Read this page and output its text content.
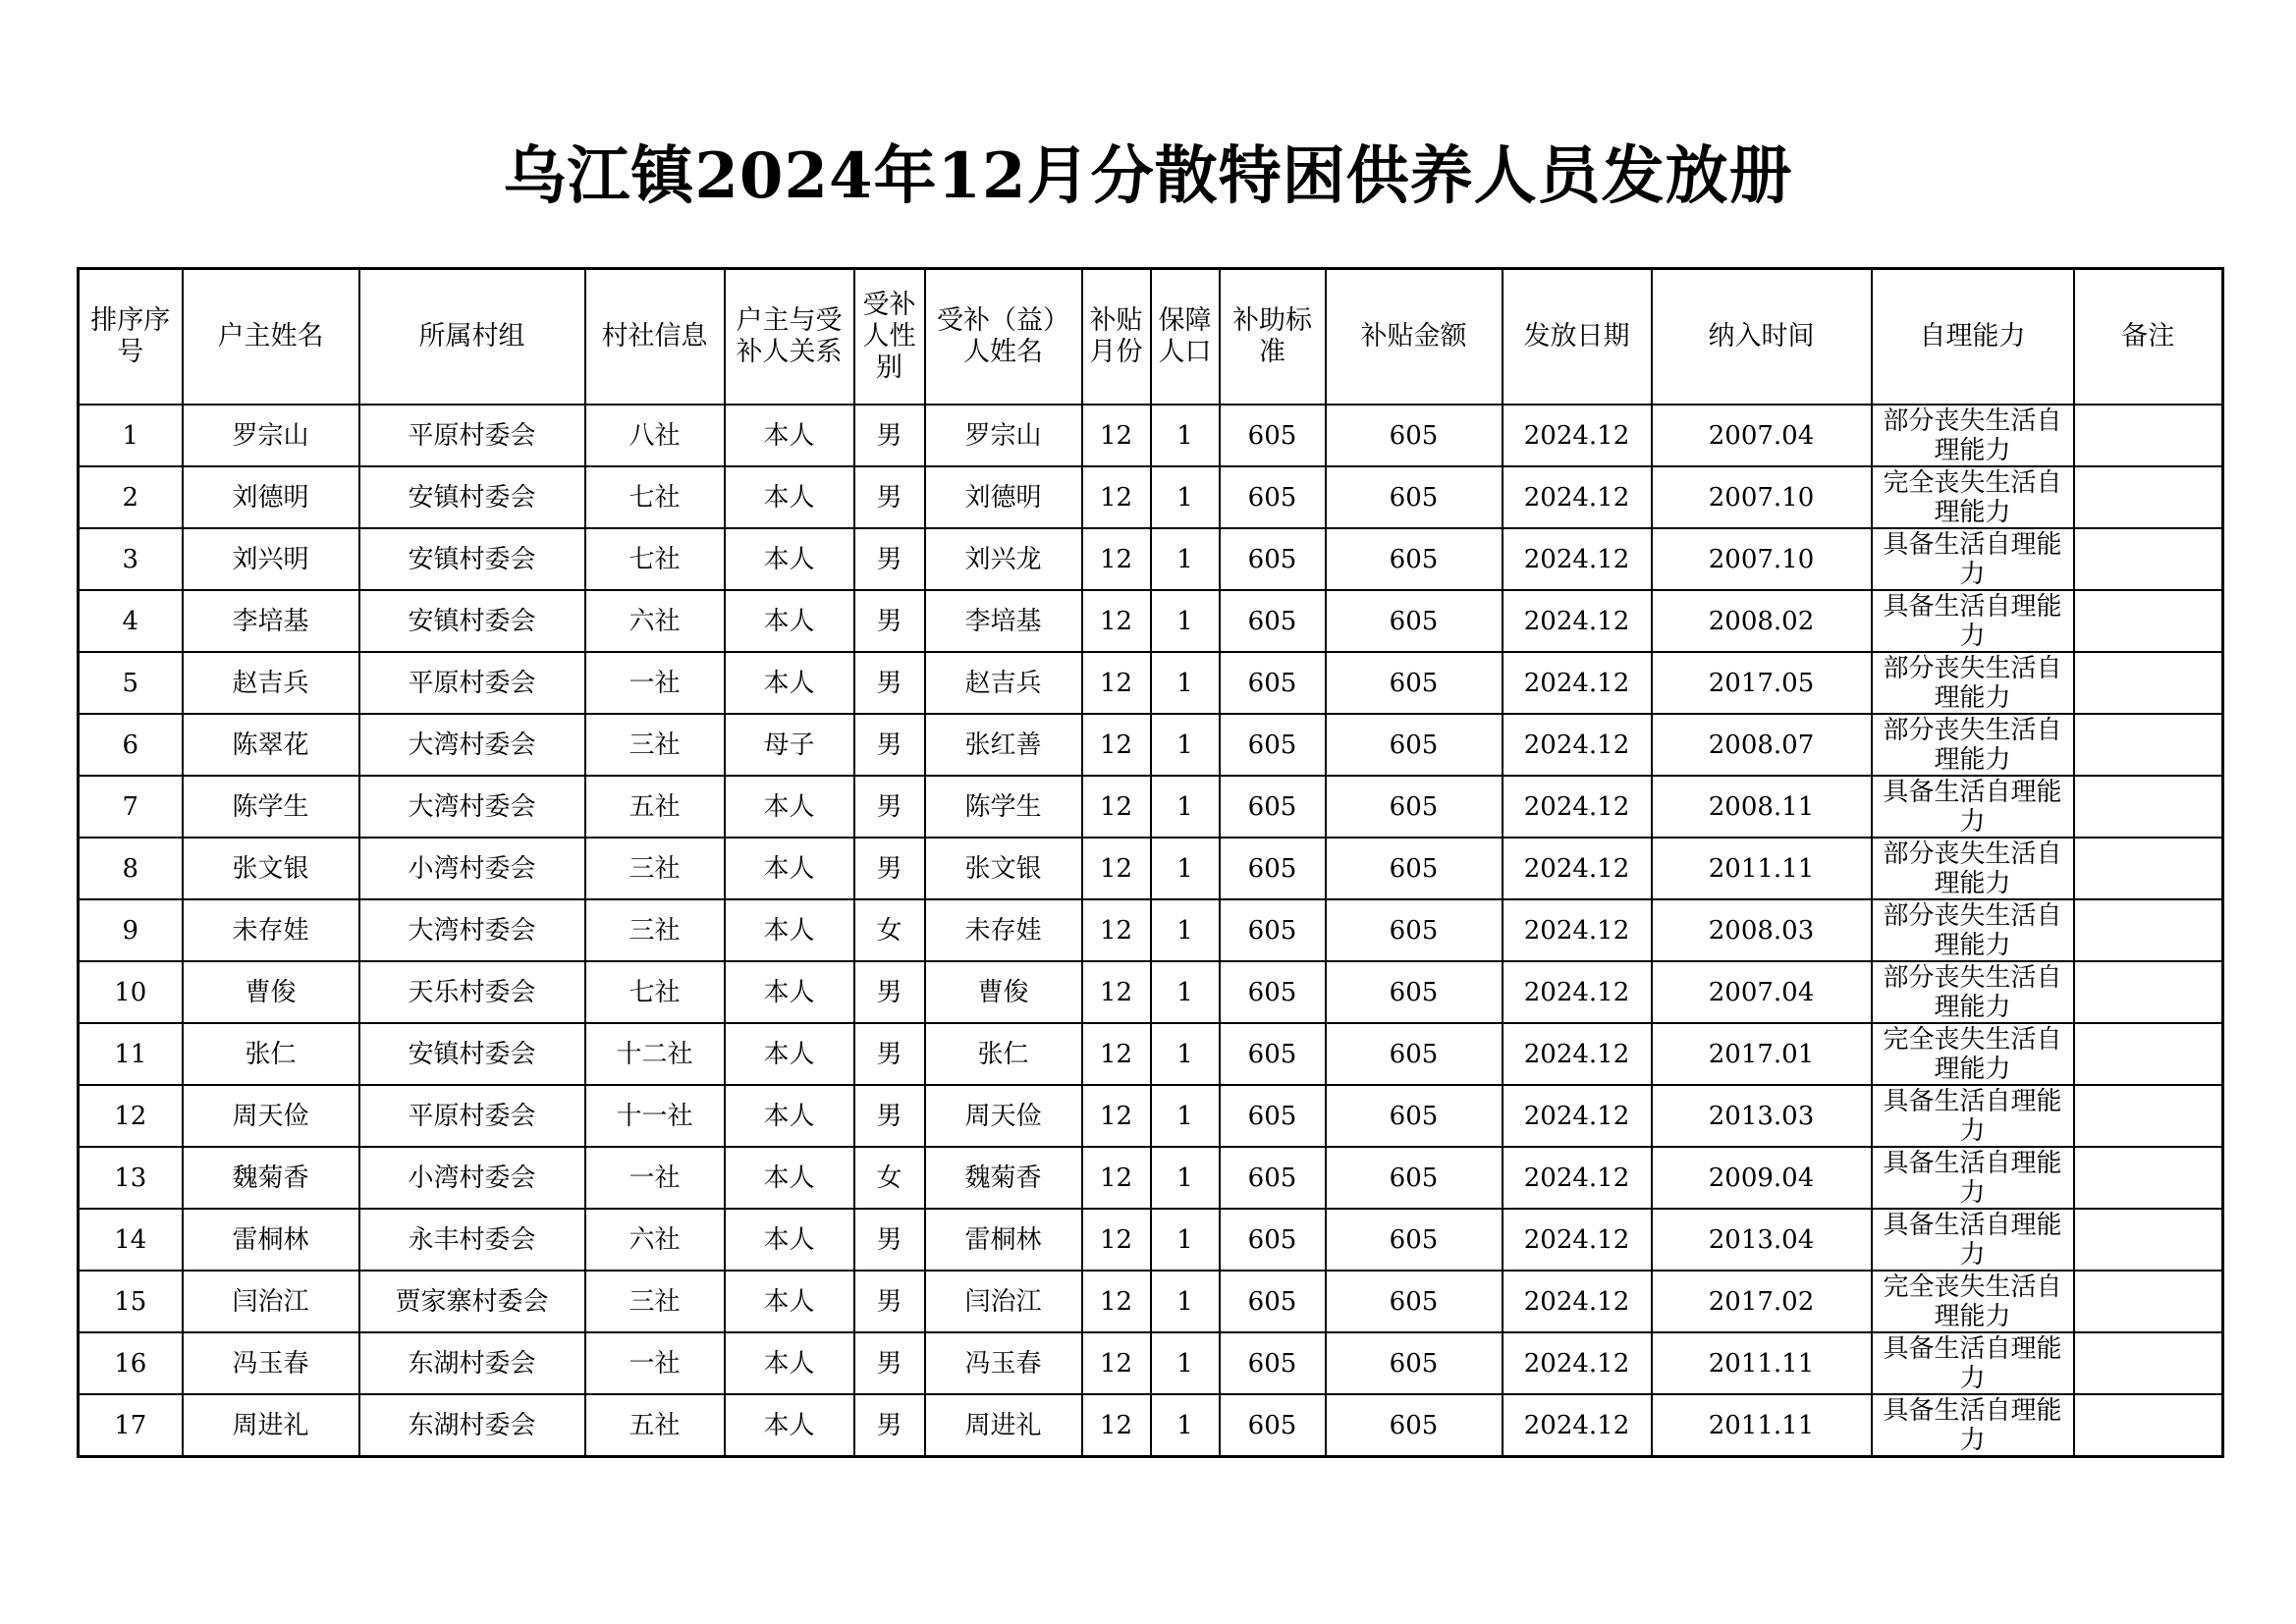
乌江镇2024年12月分散特困供养人员发放册
排序序号	户主姓名	所属村组	村社信息	户主与受补人关系	受补人性别	受补（益）人姓名	补贴月份	保障人口	补助标准	补贴金额	发放日期	纳入时间	自理能力	备注
1	罗宗山	平原村委会	八社	本人	男	罗宗山	12	1	605	605	2024.12	2007.04	部分丧失生活自理能力	
2	刘德明	安镇村委会	七社	本人	男	刘德明	12	1	605	605	2024.12	2007.10	完全丧失生活自理能力	
3	刘兴明	安镇村委会	七社	本人	男	刘兴龙	12	1	605	605	2024.12	2007.10	具备生活自理能力	
4	李培基	安镇村委会	六社	本人	男	李培基	12	1	605	605	2024.12	2008.02	具备生活自理能力	
5	赵吉兵	平原村委会	一社	本人	男	赵吉兵	12	1	605	605	2024.12	2017.05	部分丧失生活自理能力	
6	陈翠花	大湾村委会	三社	母子	男	张红善	12	1	605	605	2024.12	2008.07	部分丧失生活自理能力	
7	陈学生	大湾村委会	五社	本人	男	陈学生	12	1	605	605	2024.12	2008.11	具备生活自理能力	
8	张文银	小湾村委会	三社	本人	男	张文银	12	1	605	605	2024.12	2011.11	部分丧失生活自理能力	
9	未存娃	大湾村委会	三社	本人	女	未存娃	12	1	605	605	2024.12	2008.03	部分丧失生活自理能力	
10	曹俊	天乐村委会	七社	本人	男	曹俊	12	1	605	605	2024.12	2007.04	部分丧失生活自理能力	
11	张仁	安镇村委会	十二社	本人	男	张仁	12	1	605	605	2024.12	2017.01	完全丧失生活自理能力	
12	周天俭	平原村委会	十一社	本人	男	周天俭	12	1	605	605	2024.12	2013.03	具备生活自理能力	
13	魏菊香	小湾村委会	一社	本人	女	魏菊香	12	1	605	605	2024.12	2009.04	具备生活自理能力	
14	雷桐林	永丰村委会	六社	本人	男	雷桐林	12	1	605	605	2024.12	2013.04	具备生活自理能力	
15	闫治江	贾家寨村委会	三社	本人	男	闫治江	12	1	605	605	2024.12	2017.02	完全丧失生活自理能力	
16	冯玉春	东湖村委会	一社	本人	男	冯玉春	12	1	605	605	2024.12	2011.11	具备生活自理能力	
17	周进礼	东湖村委会	五社	本人	男	周进礼	12	1	605	605	2024.12	2011.11	具备生活自理能力	
